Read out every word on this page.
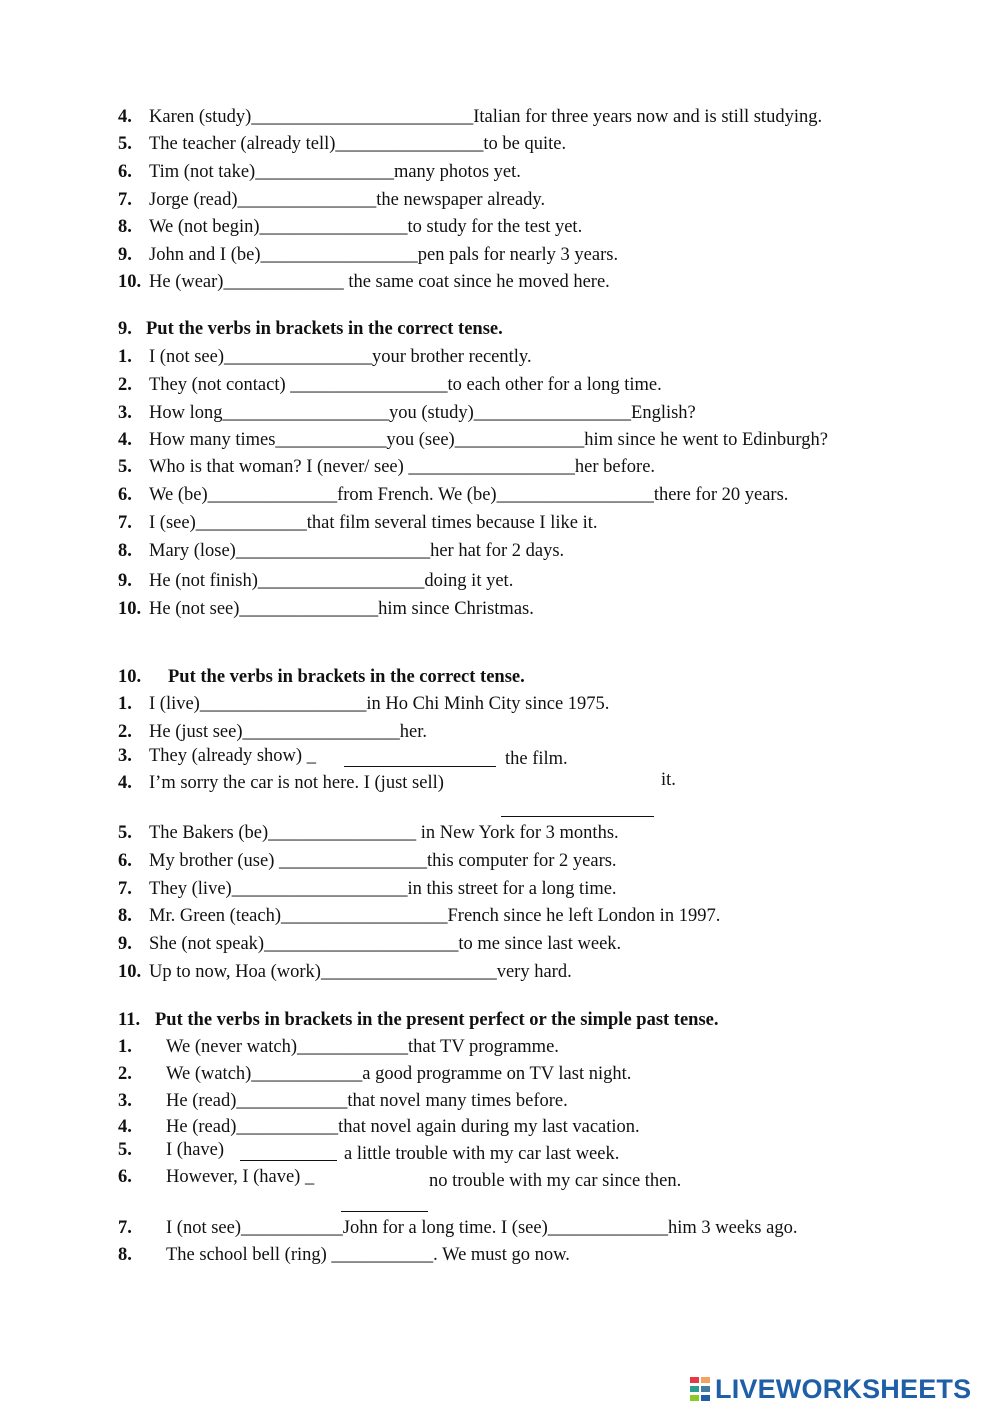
4. Karen (study)________________________Italian for three years now and is still studying.
5. The teacher (already tell)________________to be quite.
6. Tim (not take)_______________many photos yet.
7. Jorge (read)_______________the newspaper already.
8. We (not begin)________________to study for the test yet.
9. John and I (be)_________________pen pals for nearly 3 years.
10. He (wear)_____________ the same coat since he moved here.
9. Put the verbs in brackets in the correct tense.
1. I (not see)________________your brother recently.
2. They (not contact) _________________to each other for a long time.
3. How long__________________you (study)_________________English?
4. How many times____________you (see)______________him since he went to Edinburgh?
5. Who is that woman? I (never/ see) __________________her before.
6. We (be)______________from French. We (be)_________________there for 20 years.
7. I (see)____________that film several times because I like it.
8. Mary (lose)_____________________her hat for 2 days.
9. He (not finish)__________________doing it yet.
10. He (not see)_______________him since Christmas.
10. Put the verbs in brackets in the correct tense.
1. I (live)__________________in Ho Chi Minh City since 1975.
2. He (just see)_________________her.
3. They (already show) _	the film.
4. I’m sorry the car is not here. I (just sell)	it.
5. The Bakers (be)________________ in New York for 3 months.
6. My brother (use) ________________this computer for 2 years.
7. They (live)___________________in this street for a long time.
8. Mr. Green (teach)__________________French since he left London in 1997.
9. She (not speak)_____________________to me since last week.
10. Up to now, Hoa (work)___________________very hard.
11. Put the verbs in brackets in the present perfect or the simple past tense.
1. We (never watch)____________that TV programme.
2. We (watch)____________a good programme on TV last night.
3. He (read)____________that novel many times before.
4. He (read)___________that novel again during my last vacation.
5. I (have)	a little trouble with my car last week.
6. However, I (have) _	no trouble with my car since then.
7. I (not see)___________John for a long time. I (see)_____________him 3 weeks ago.
8. The school bell (ring) ___________. We must go now.
LIVEWORKSHEETS
